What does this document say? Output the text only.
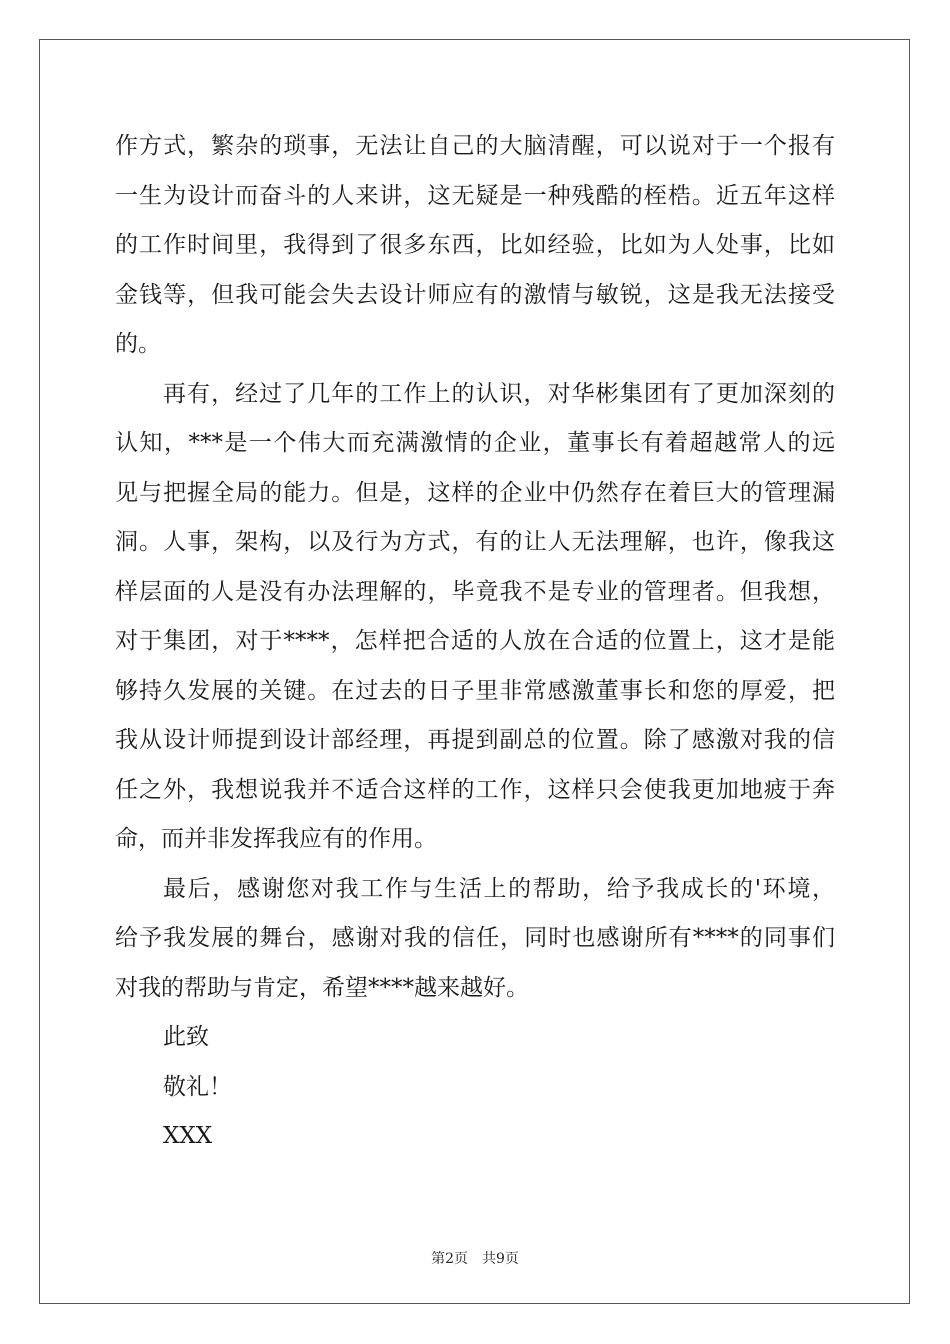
作方式，繁杂的琐事，无法让自己的大脑清醒，可以说对于一个报有
一生为设计而奋斗的人来讲，这无疑是一种残酷的桎梏。近五年这样
的工作时间里，我得到了很多东西，比如经验，比如为人处事，比如
金钱等，但我可能会失去设计师应有的激情与敏锐，这是我无法接受
的。
再有，经过了几年的工作上的认识，对华彬集团有了更加深刻的
认知，***是一个伟大而充满激情的企业，董事长有着超越常人的远
见与把握全局的能力。但是，这样的企业中仍然存在着巨大的管理漏
洞。人事，架构，以及行为方式，有的让人无法理解，也许，像我这
样层面的人是没有办法理解的，毕竟我不是专业的管理者。但我想，
对于集团，对于****，怎样把合适的人放在合适的位置上，这才是能
够持久发展的关键。在过去的日子里非常感激董事长和您的厚爱，把
我从设计师提到设计部经理，再提到副总的位置。除了感激对我的信
任之外，我想说我并不适合这样的工作，这样只会使我更加地疲于奔
命，而并非发挥我应有的作用。
最后，感谢您对我工作与生活上的帮助，给予我成长的'环境，
给予我发展的舞台，感谢对我的信任，同时也感谢所有****的同事们
对我的帮助与肯定，希望****越来越好。
此致
敬礼！
XXX
第2页 共9页
